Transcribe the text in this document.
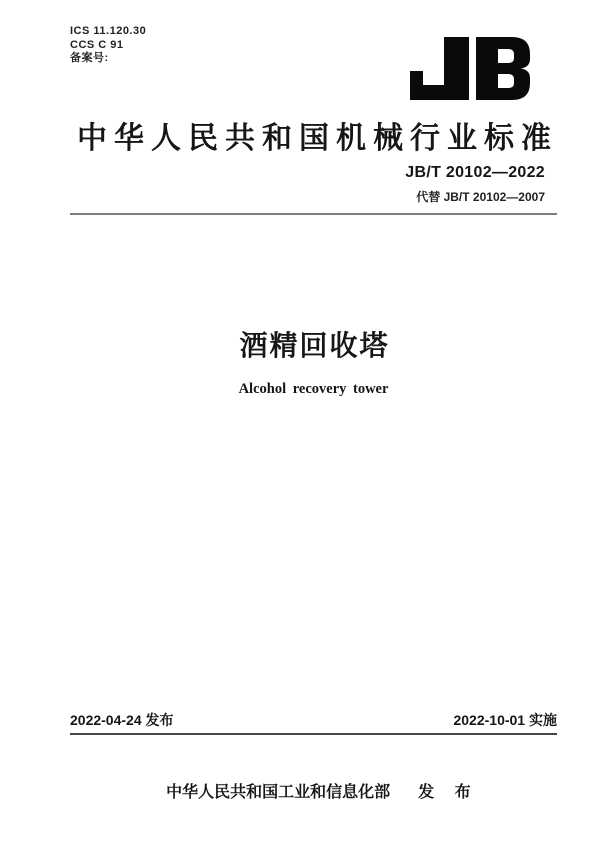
ICS 11.120.30
CCS C 91
备案号:
中华人民共和国机械行业标准
JB/T 20102—2022
代替 JB/T 20102—2007
酒精回收塔
Alcohol recovery tower
2022-04-24 发布	2022-10-01 实施

中华人民共和国工业和信息化部 发 布
